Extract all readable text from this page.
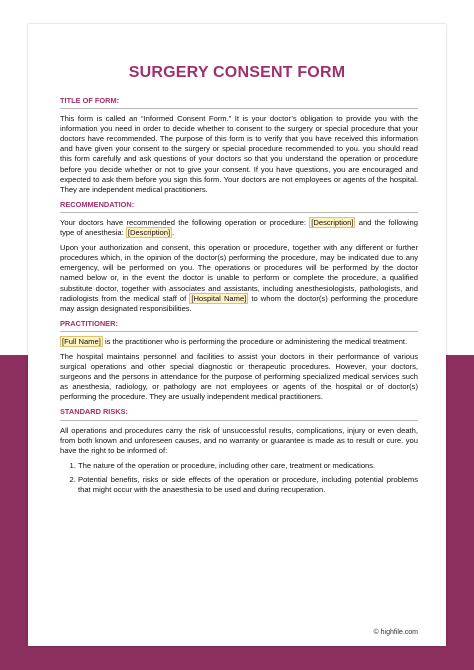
SURGERY CONSENT FORM
TITLE OF FORM:

This form is called an “Informed Consent Form.” It is your doctor’s obligation to provide you with the information you need in order to decide whether to consent to the surgery or special procedure that your doctors have recommended. The purpose of this form is to verify that you have received this information and have given your consent to the surgery or special procedure recommended to you. you should read this form carefully and ask questions of your doctors so that you understand the operation or procedure before you decide whether or not to give your consent. If you have questions, you are encouraged and expected to ask them before you sign this form. Your doctors are not employees or agents of the hospital. They are independent medical practitioners.

RECOMMENDATION:

Your doctors have recommended the following operation or procedure: [Description] and the following type of anesthesia: [Description] .

Upon your authorization and consent, this operation or procedure, together with any different or further procedures which, in the opinion of the doctor(s) performing the procedure, may be indicated due to any emergency, will be performed on you. The operations or procedures will be performed by the doctor named below or, in the event the doctor is unable to perform or complete the procedure, a qualified substitute doctor, together with associates and assistants, including anesthesiologists, pathologists, and radiologists from the medical staff of [Hospital Name] to whom the doctor(s) performing the procedure may assign designated responsibilities.

PRACTITIONER:

[Full Name] is the practitioner who is performing the procedure or administering the medical treatment.

The hospital maintains personnel and facilities to assist your doctors in their performance of various surgical operations and other special diagnostic or therapeutic procedures. However, your doctors, surgeons and the persons in attendance for the purpose of performing specialized medical services such as anesthesia, radiology, or pathology are not employees or agents of the hospital or of doctor(s) performing the procedure. They are usually independent medical practitioners.

STANDARD RISKS:

All operations and procedures carry the risk of unsuccessful results, complications, injury or even death, from both known and unforeseen causes, and no warranty or guarantee is made as to result or cure. you have the right to be informed of:

1. The nature of the operation or procedure, including other care, treatment or medications.
2. Potential benefits, risks or side effects of the operation or procedure, including potential problems that might occur with the anaesthesia to be used and during recuperation.
© highfile.com
